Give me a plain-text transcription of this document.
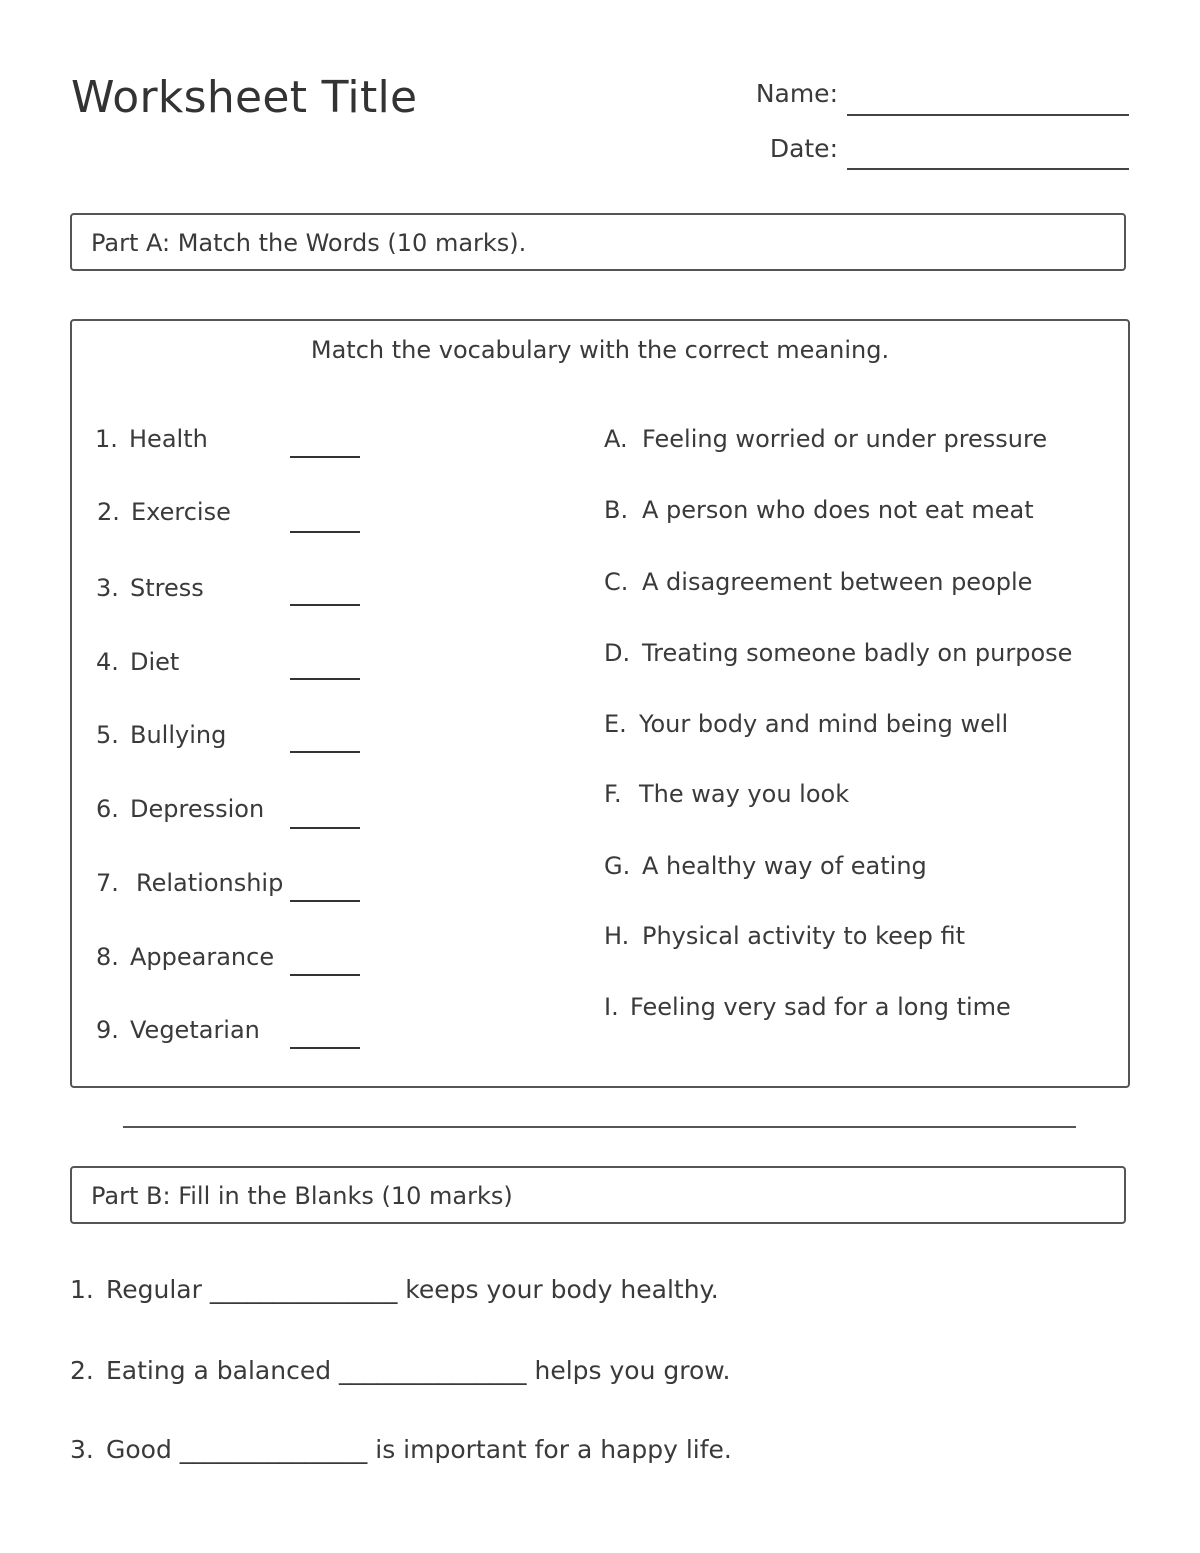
Worksheet Title	Name:
Date:
Part A: Match the Words (10 marks).
Match the vocabulary with the correct meaning.
1. Health
2. Exercise
3. Stress
4. Diet
5. Bullying
6. Depression
7. Relationship
8. Appearance
9. Vegetarian
A. Feeling worried or under pressure
B. A person who does not eat meat
C. A disagreement between people
D. Treating someone badly on purpose
E. Your body and mind being well
F. The way you look
G. A healthy way of eating
H. Physical activity to keep fit
I. Feeling very sad for a long time
Part B: Fill in the Blanks (10 marks)
1. Regular _______________ keeps your body healthy.
2. Eating a balanced _______________ helps you grow.
3. Good _______________ is important for a happy life.
